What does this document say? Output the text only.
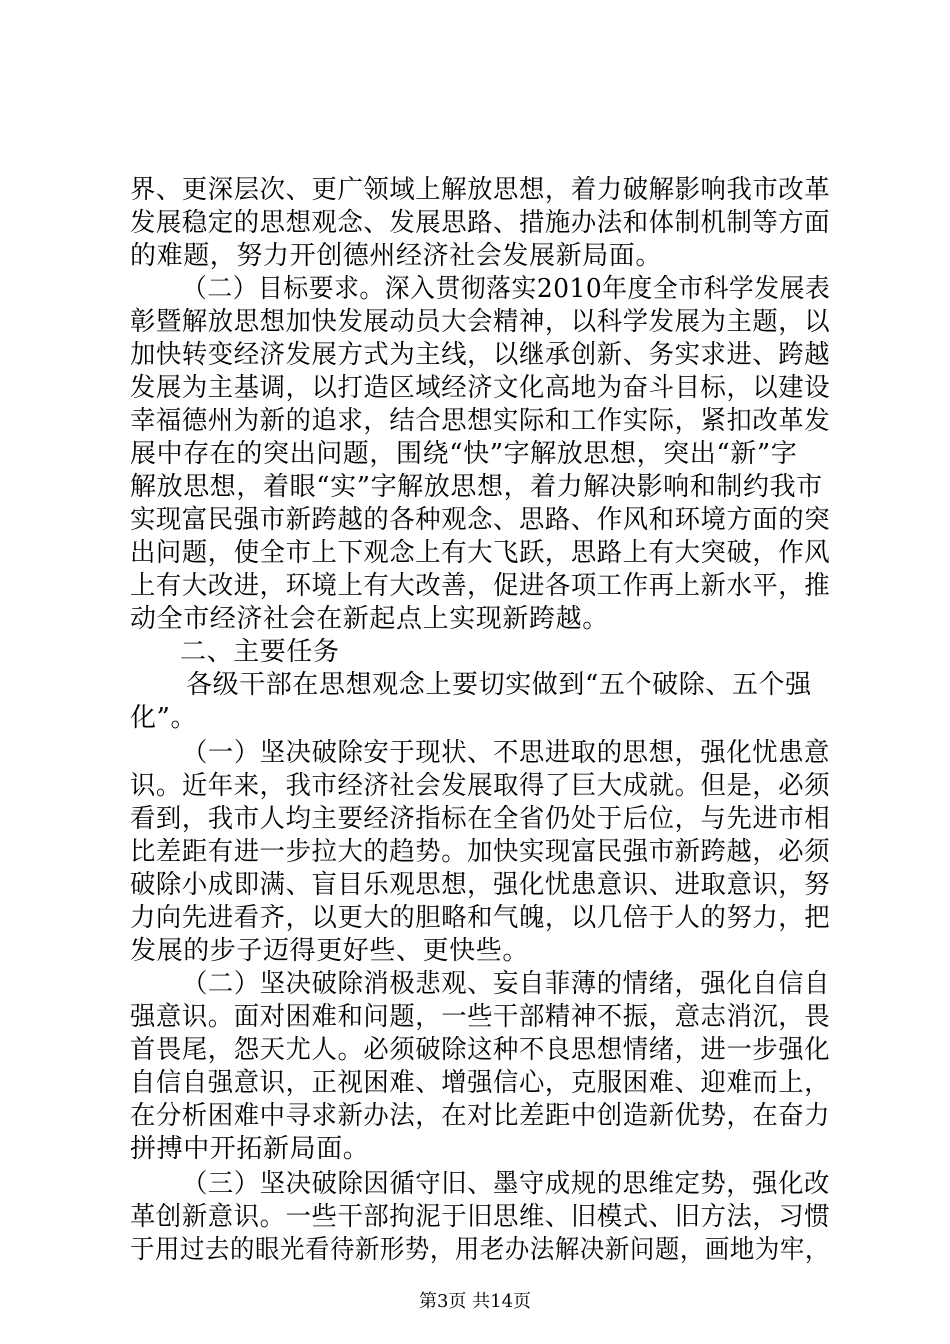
界、更深层次、更广领域上解放思想，着力破解影响我市改革
发展稳定的思想观念、发展思路、措施办法和体制机制等方面
的难题，努力开创德州经济社会发展新局面。
（二）目标要求。深入贯彻落实2010年度全市科学发展表
彰暨解放思想加快发展动员大会精神，以科学发展为主题，以
加快转变经济发展方式为主线，以继承创新、务实求进、跨越
发展为主基调，以打造区域经济文化高地为奋斗目标，以建设
幸福德州为新的追求，结合思想实际和工作实际，紧扣改革发
展中存在的突出问题，围绕“快”字解放思想，突出“新”字
解放思想，着眼“实”字解放思想，着力解决影响和制约我市
实现富民强市新跨越的各种观念、思路、作风和环境方面的突
出问题，使全市上下观念上有大飞跃，思路上有大突破，作风
上有大改进，环境上有大改善，促进各项工作再上新水平，推
动全市经济社会在新起点上实现新跨越。
二、主要任务
各级干部在思想观念上要切实做到“五个破除、五个强
化”。
（一）坚决破除安于现状、不思进取的思想，强化忧患意
识。近年来，我市经济社会发展取得了巨大成就。但是，必须
看到，我市人均主要经济指标在全省仍处于后位，与先进市相
比差距有进一步拉大的趋势。加快实现富民强市新跨越，必须
破除小成即满、盲目乐观思想，强化忧患意识、进取意识，努
力向先进看齐，以更大的胆略和气魄，以几倍于人的努力，把
发展的步子迈得更好些、更快些。
（二）坚决破除消极悲观、妄自菲薄的情绪，强化自信自
强意识。面对困难和问题，一些干部精神不振，意志消沉，畏
首畏尾，怨天尤人。必须破除这种不良思想情绪，进一步强化
自信自强意识，正视困难、增强信心，克服困难、迎难而上，
在分析困难中寻求新办法，在对比差距中创造新优势，在奋力
拼搏中开拓新局面。
（三）坚决破除因循守旧、墨守成规的思维定势，强化改
革创新意识。一些干部拘泥于旧思维、旧模式、旧方法，习惯
于用过去的眼光看待新形势，用老办法解决新问题，画地为牢，
第3页 共14页
